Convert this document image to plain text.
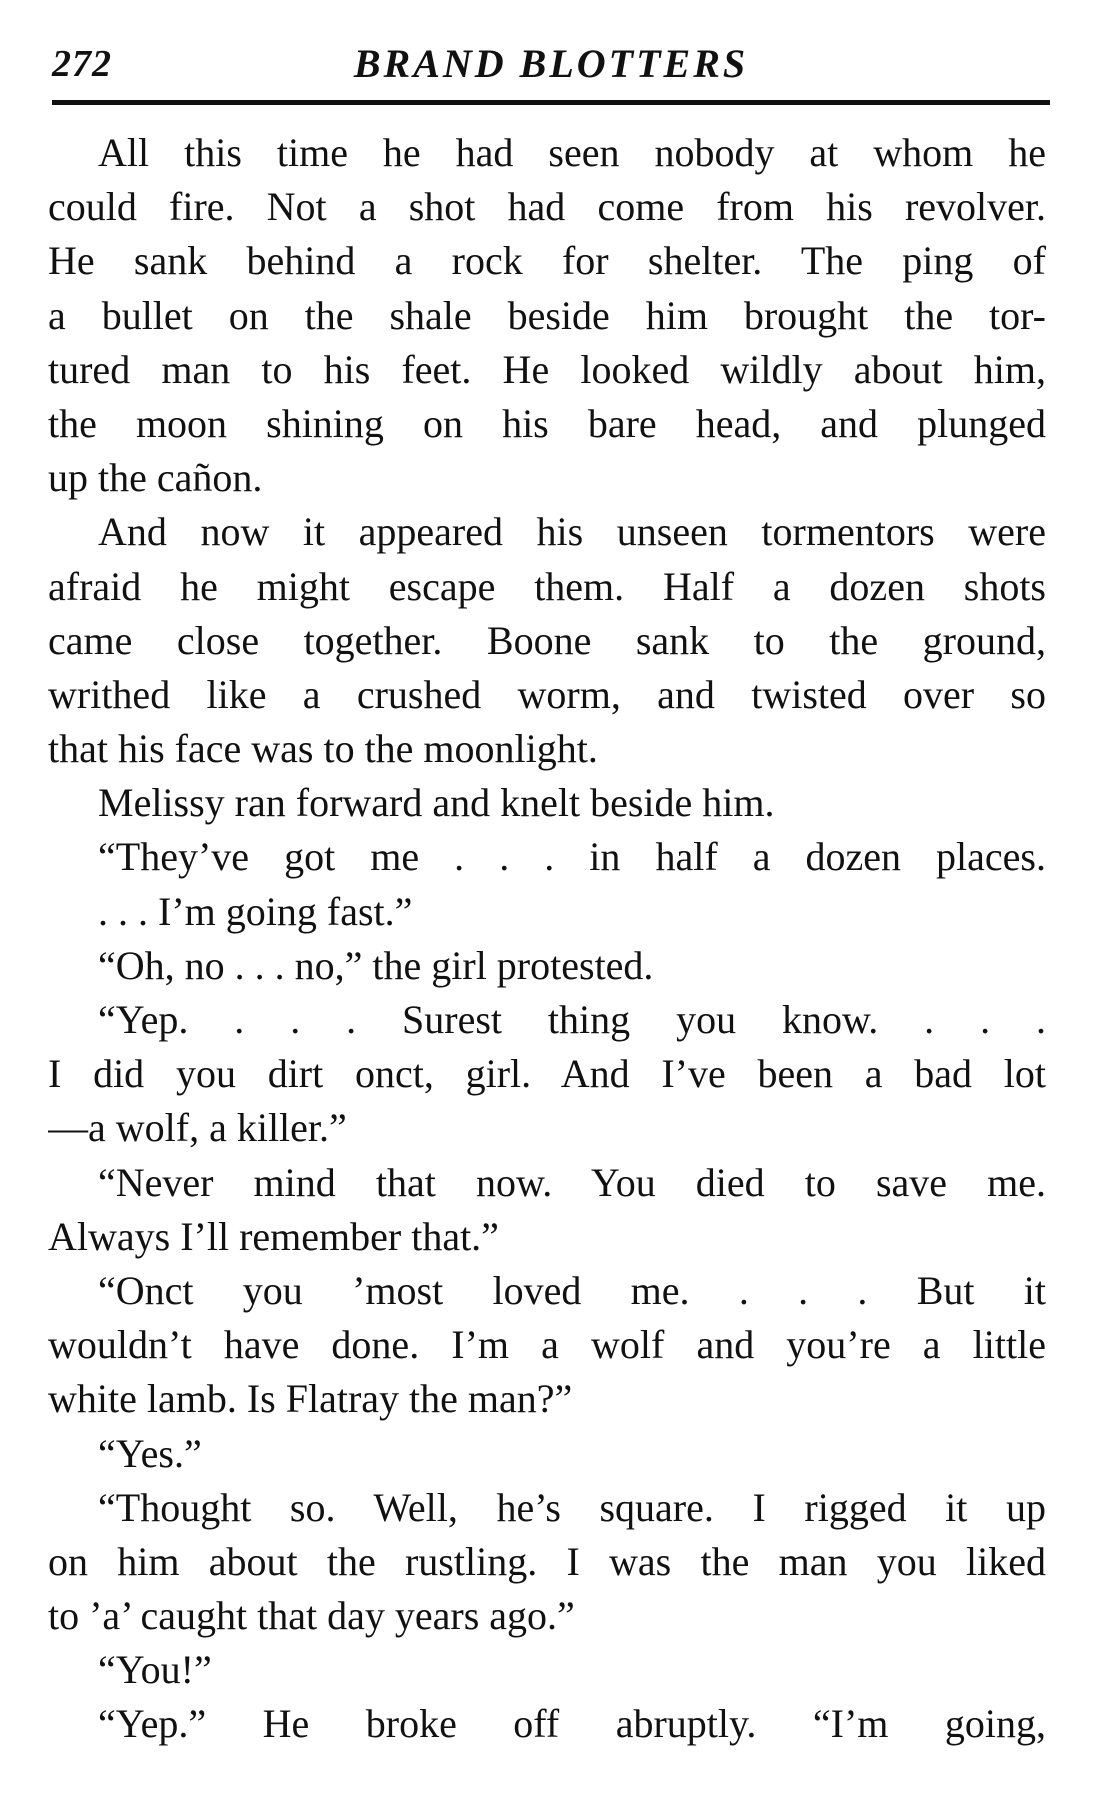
272	BRAND BLOTTERS
All this time he had seen nobody at whom he
could fire. Not a shot had come from his revolver.
He sank behind a rock for shelter. The ping of
a bullet on the shale beside him brought the tor-
tured man to his feet. He looked wildly about him,
the moon shining on his bare head, and plunged
up the cañon.
And now it appeared his unseen tormentors were
afraid he might escape them. Half a dozen shots
came close together. Boone sank to the ground,
writhed like a crushed worm, and twisted over so
that his face was to the moonlight.
Melissy ran forward and knelt beside him.
“They’ve got me . . . in half a dozen places.
. . . I’m going fast.”
“Oh, no . . . no,” the girl protested.
“Yep. . . . Surest thing you know. . . .
I did you dirt onct, girl. And I’ve been a bad lot
—a wolf, a killer.”
“Never mind that now. You died to save me.
Always I’ll remember that.”
“Onct you ’most loved me. . . . But it
wouldn’t have done. I’m a wolf and you’re a little
white lamb. Is Flatray the man?”
“Yes.”
“Thought so. Well, he’s square. I rigged it up
on him about the rustling. I was the man you liked
to ’a’ caught that day years ago.”
“You!”
“Yep.” He broke off abruptly. “I’m going,
